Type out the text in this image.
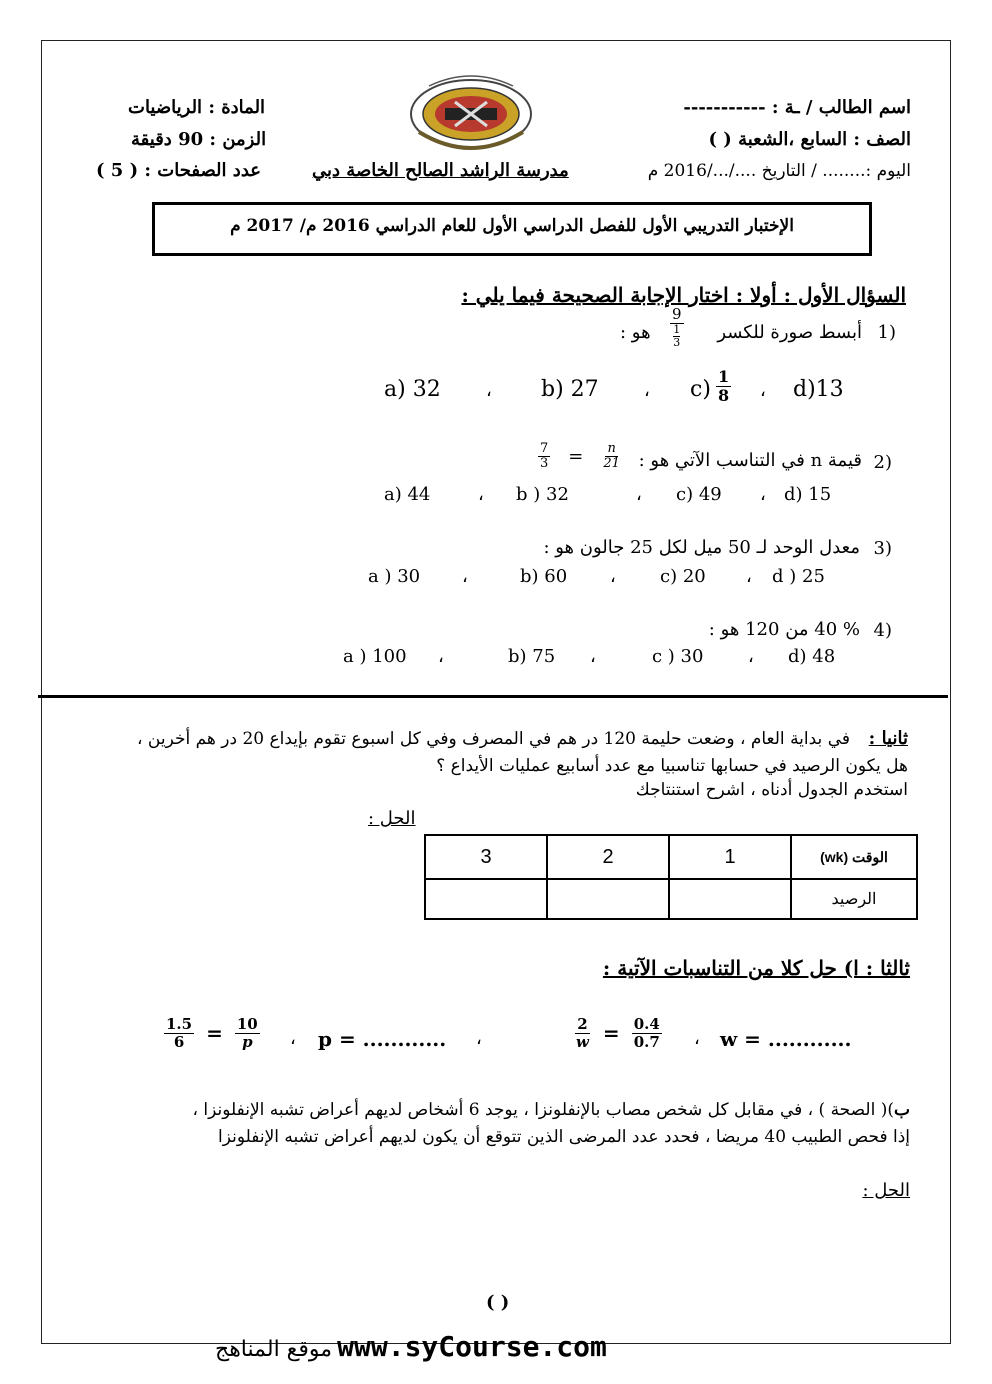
اسم الطالب / ـة : -----------
المادة : الرياضيات
الصف : السابع ،الشعبة ( )
الزمن : 90 دقيقة
اليوم :........ / التاريخ ..../.../2016 م
مدرسة الراشد الصالح الخاصة دبي
عدد الصفحات : ( 5 )
الإختبار التدريبي الأول للفصل الدراسي الأول للعام الدراسي 2016 م/ 2017 م
السؤال الأول : أولا : اختار الإجابة الصحيحة فيما يلي :
1)
أبسط صورة للكسر
$\frac{9}{\frac{1}{3}}$
هو :
a) 32	، b) 27	، $c) \frac{1}{8}$ ، d)13
2)
قيمة n في التناسب الآتي هو :
$\frac{7}{3} = \frac{n}{21}$
a) 44	، b ) 32	، c) 49 ، d) 15
3)
معدل الوحد لـ 50 ميل لكل 25 جالون هو :
a ) 30 ،	b) 60 ، c) 20 ، d ) 25
4)
% 40 من 120 هو :
a ) 100 ،	b) 75 ،	c ) 30 ، d) 48
ثانيا :
في بداية العام ، وضعت حليمة 120 در هم في المصرف وفي كل اسبوع تقوم بإيداع 20 در هم أخرين ،
هل يكون الرصيد في حسابها تناسبيا مع عدد أسابيع عمليات الأيداع ؟
استخدم الجدول أدناه ، اشرح استنتاجك
الحل :
3	2	1	الوقت (wk)
			الرصيد
ثالثا : ا) حل كلا من التناسبات الآتية :
$\frac{1.5}{6} = \frac{10}{p}$ ، p = ............ ،	$\frac{2}{w} = \frac{0.4}{0.7}$ ، w = ............
ب)( الصحة ) ، في مقابل كل شخص مصاب بالإنفلونزا ، يوجد 6 أشخاص لديهم أعراض تشبه الإنفلونزا ،
إذا فحص الطبيب 40 مريضا ، فحدد عدد المرضى الذين تتوقع أن يكون لديهم أعراض تشبه الإنفلونزا
الحل :
( )
موقع المناهج www.syCourse.com
